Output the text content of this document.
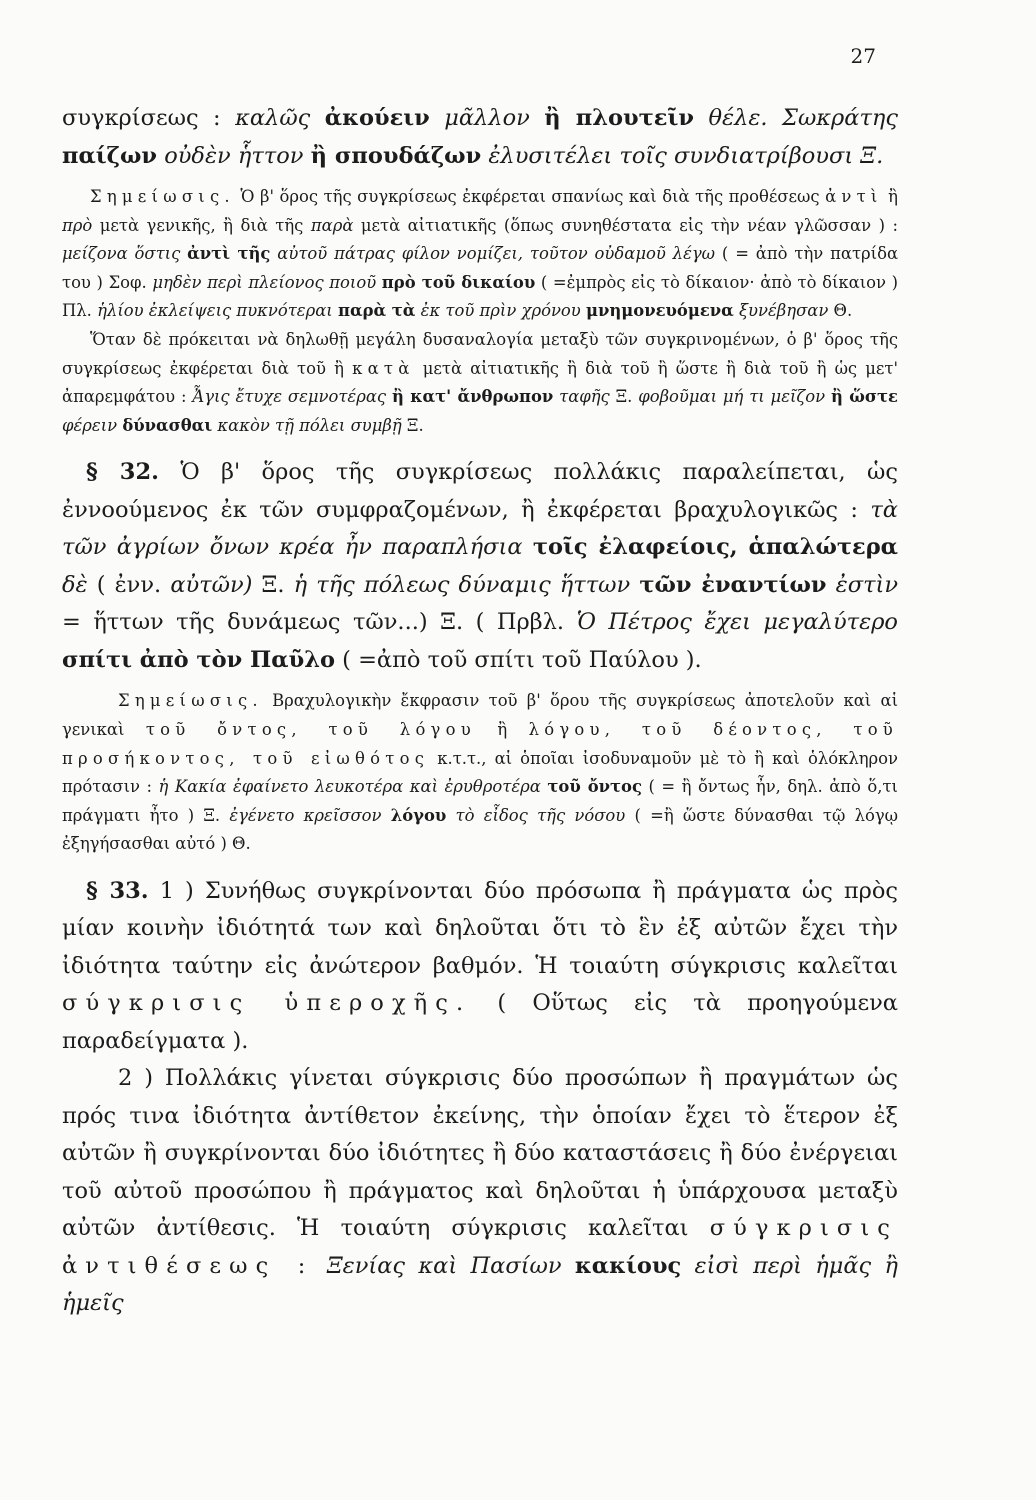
27

συγκρίσεως : καλῶς ἀκούειν μᾶλλον ἢ πλουτεῖν θέλε. Σωκράτης παίζων οὐδὲν ἧττον ἢ σπουδάζων ἐλυσιτέλει τοῖς συνδιατρίβουσι Ξ.

Σημείωσις. Ὁ β' ὅρος τῆς συγκρίσεως ἐκφέρεται σπανίως καὶ διὰ τῆς προθέσεως ἀντὶ ἢ πρὸ μετὰ γενικῆς, ἢ διὰ τῆς παρὰ μετὰ αἰτιατικῆς (ὅπως συνηθέστατα εἰς τὴν νέαν γλῶσσαν ) : μείζονα ὅστις ἀντὶ τῆς αὐτοῦ πάτρας φίλον νομίζει, τοῦτον οὐδαμοῦ λέγω ( = ἀπὸ τὴν πατρίδα του ) Σοφ. μηδὲν περὶ πλείονος ποιοῦ πρὸ τοῦ δικαίου ( =ἐμπρὸς εἰς τὸ δίκαιον· ἀπὸ τὸ δίκαιον ) Πλ. ἡλίου ἐκλείψεις πυκνότεραι παρὰ τὰ ἐκ τοῦ πρὶν χρόνου μνημονευόμενα ξυνέβησαν Θ.

Ὅταν δὲ πρόκειται νὰ δηλωθῇ μεγάλη δυσαναλογία μεταξὺ τῶν συγκρινομένων, ὁ β' ὅρος τῆς συγκρίσεως ἐκφέρεται διὰ τοῦ ἢ κατὰ μετὰ αἰτιατικῆς ἢ διὰ τοῦ ἢ ὥστε ἢ διὰ τοῦ ἢ ὡς μετ' ἀπαρεμφάτου : Ἆγις ἔτυχε σεμνοτέρας ἢ κατ' ἄνθρωπον ταφῆς Ξ. φοβοῦμαι μή τι μεῖζον ἢ ὥστε φέρειν δύνασθαι κακὸν τῇ πόλει συμβῇ Ξ.

§ 32. Ὁ β' ὅρος τῆς συγκρίσεως πολλάκις παραλείπεται, ὡς ἐννοούμενος ἐκ τῶν συμφραζομένων, ἢ ἐκφέρεται βραχυλογικῶς : τὰ τῶν ἀγρίων ὄνων κρέα ἦν παραπλήσια τοῖς ἐλαφείοις, ἁπαλώτερα δὲ ( ἐνν. αὐτῶν) Ξ. ἡ τῆς πόλεως δύναμις ἥττων τῶν ἐναντίων ἐστὶν = ἥττων τῆς δυνάμεως τῶν...) Ξ. ( Πρβλ. Ὁ Πέτρος ἔχει μεγαλύτερο σπίτι ἀπὸ τὸν Παῦλο ( =ἀπὸ τοῦ σπίτι τοῦ Παύλου ).

Σημείωσις. Βραχυλογικὴν ἔκφρασιν τοῦ β' ὅρου τῆς συγκρίσεως ἀποτελοῦν καὶ αἱ γενικαὶ τοῦ ὄντος, τοῦ λόγου ἢ λόγου, τοῦ δέοντος, τοῦ προσήκοντος, τοῦ εἰωθότος κ.τ.τ., αἱ ὁποῖαι ἰσοδυναμοῦν μὲ τὸ ἢ καὶ ὁλόκληρον πρότασιν : ἡ Κακία ἐφαίνετο λευκοτέρα καὶ ἐρυθροτέρα τοῦ ὄντος ( = ἢ ὄντως ἦν, δηλ. ἀπὸ ὅ,τι πράγματι ἦτο ) Ξ. ἐγένετο κρεῖσσον λόγου τὸ εἶδος τῆς νόσου ( =ἢ ὥστε δύνασθαι τῷ λόγῳ ἐξηγήσασθαι αὐτό ) Θ.

§ 33. 1 ) Συνήθως συγκρίνονται δύο πρόσωπα ἢ πράγματα ὡς πρὸς μίαν κοινὴν ἰδιότητά των καὶ δηλοῦται ὅτι τὸ ἓν ἐξ αὐτῶν ἔχει τὴν ἰδιότητα ταύτην εἰς ἀνώτερον βαθμόν. Ἡ τοιαύτη σύγκρισις καλεῖται σύγκρισις ὑπεροχῆς. ( Οὕτως εἰς τὰ προηγούμενα παραδείγματα ).

2 ) Πολλάκις γίνεται σύγκρισις δύο προσώπων ἢ πραγμάτων ὡς πρός τινα ἰδιότητα ἀντίθετον ἐκείνης, τὴν ὁποίαν ἔχει τὸ ἕτερον ἐξ αὐτῶν ἢ συγκρίνονται δύο ἰδιότητες ἢ δύο καταστάσεις ἢ δύο ἐνέργειαι τοῦ αὐτοῦ προσώπου ἢ πράγματος καὶ δηλοῦται ἡ ὑπάρχουσα μεταξὺ αὐτῶν ἀντίθεσις. Ἡ τοιαύτη σύγκρισις καλεῖται σύγκρισις ἀντιθέσεως : Ξενίας καὶ Πασίων κακίους εἰσὶ περὶ ἡμᾶς ἢ ἡμεῖς
